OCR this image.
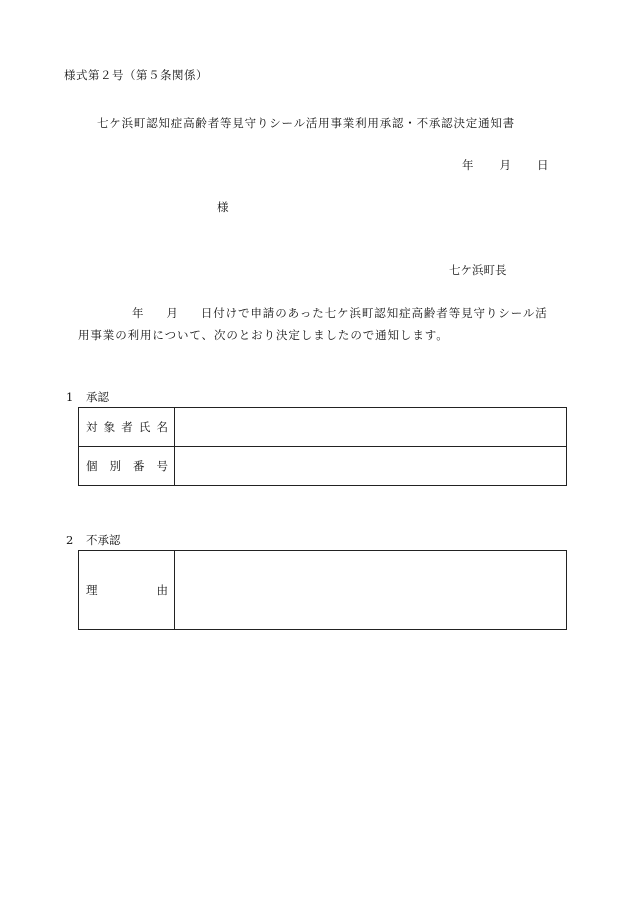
様式第２号（第５条関係）
七ケ浜町認知症高齢者等見守りシール活用事業利用承認・不承認決定通知書
年 月 日
様
七ケ浜町長
年 月 日付けで申請のあった七ケ浜町認知症高齢者等見守りシール活
用事業の利用について、次のとおり決定しましたので通知します。
1 承認
対 象 者 氏 名	

個 別 番 号	

2 不承認
理	由
